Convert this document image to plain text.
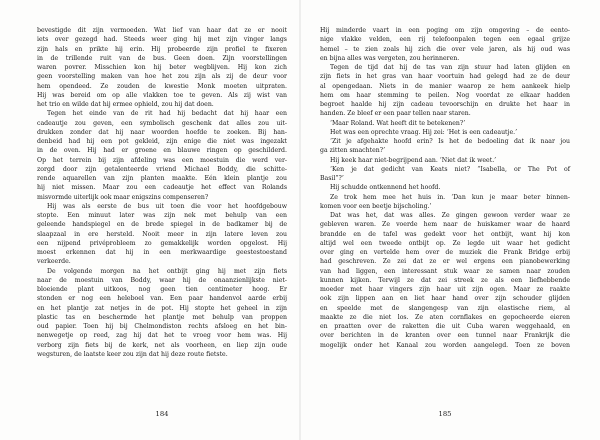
bevestigde dit zijn vermoeden. Wat lief van haar dat ze er nooit
iets over gezegd had. Steeds weer ging hij met zijn vinger langs
zijn hals en prikte hij erin. Hij probeerde zijn profiel te fixeren
in de trillende ruit van de bus. Geen doen. Zijn voorstellingen
waren povrer. Misschien kon hij beter wegblijven. Hij kon zich
geen voorstelling maken van hoe het zou zijn als zij de deur voor
hem opendeed. Ze zouden de kwestie Monk moeten uitpraten.
Hij was bereid om op alle vlakken toe te geven. Als zij wist van
het trio en wilde dat hij ermee ophield, zou hij dat doen.
Tegen het einde van de rit had hij bedacht dat hij haar een
cadeautje zou geven, een symbolisch geschenk dat alles zou uit-
drukken zonder dat hij naar woorden hoefde te zoeken. Bij han-
denbeid had hij een pot gekleid, zijn enige die niet was ingezakt
in de oven. Hij had er groene en blauwe ringen op geschilderd.
Op het terrein bij zijn afdeling was een moestuin die werd ver-
zorgd door zijn getalenteerde vriend Michael Boddy, die schitte-
rende aquarellen van zijn planten maakte. Eén klein plantje zou
hij niet missen. Maar zou een cadeautje het effect van Rolands
misvormde uiterlijk ook maar enigszins compenseren?
Hij was als eerste de bus uit toen die voor het hoofdgebouw
stopte. Een minuut later was zijn nek met behulp van een
geleende handspiegel en de brede spiegel in de badkamer bij de
slaapzaal in ere hersteld. Nooit meer in zijn latere leven zou
een nijpend privéprobleem zo gemakkelijk worden opgelost. Hij
moest erkennen dat hij in een merkwaardige geestestoestand
verkeerde.
De volgende morgen na het ontbijt ging hij met zijn fiets
naar de moestuin van Boddy, waar hij de onaanzienlijkste niet-
bloeiende plant uitkoos, nog geen tien centimeter hoog. Er
stonden er nog een heleboel van. Een paar handenvol aarde erbij
en het plantje zat netjes in de pot. Hij stopte het geheel in zijn
plastic tas en beschermde het plantje met behulp van proppen
oud papier. Toen hij bij Chelmondiston rechts afsloeg en het bin-
nenwegetje op reed, zag hij dat het te vroeg voor hem was. Hij
verborg zijn fiets bij de kerk, net als voorheen, en liep zijn oude
wegsturen, de laatste keer zou zijn dat hij deze route fietste.
184
Hij minderde vaart in een poging om zijn omgeving – de eento-
nige vlakke velden, een rij telefoonpalen tegen een egaal grijze
hemel – te zien zoals hij zich die over vele jaren, als hij oud was
en bijna alles was vergeten, zou herinneren.
Tegen de tijd dat hij de tas van zijn stuur had laten glijden en
zijn fiets in het gras van haar voortuin had gelegd had ze de deur
al opengedaan. Niets in de manier waarop ze hem aankeek hielp
hem om haar stemming te peilen. Nog voordat ze elkaar hadden
begroet haalde hij zijn cadeau tevoorschijn en drukte het haar in
handen. Ze bleef er een paar tellen naar staren.
‘Maar Roland. Wat heeft dit te betekenen?’
Het was een oprechte vraag. Hij zei: ‘Het is een cadeautje.’
‘Zit je afgehakte hoofd erin? Is het de bedoeling dat ik naar jou
ga zitten smachten?’
Hij keek haar niet-begrijpend aan. ‘Niet dat ik weet.’
‘Ken je dat gedicht van Keats niet? “Isabella, or The Pot of
Basil”?’
Hij schudde ontkennend het hoofd.
Ze trok hem mee het huis in. ‘Dan kun je maar beter binnen-
komen voor een beetje bijscholing.’
Dat was het, dat was alles. Ze gingen gewoon verder waar ze
gebleven waren. Ze voerde hem naar de huiskamer waar de haard
brandde en de tafel was gedekt voor het ontbijt, want hij kon
altijd wel een tweede ontbijt op. Ze legde uit waar het gedicht
over ging en vertelde hem over de muziek die Frank Bridge erbij
had geschreven. Ze zei dat ze er wel ergens een pianobewerking
van had liggen, een interessant stuk waar ze samen naar zouden
kunnen kijken. Terwijl ze dat zei streek ze als een liefhebbende
moeder met haar vingers zijn haar uit zijn ogen. Maar ze raakte
ook zijn lippen aan en liet haar hand over zijn schouder glijden
en speelde met de slangengesp van zijn elastische riem, al
maakte ze die niet los. Ze aten cornflakes en gepocheerde eieren
en praatten over de raketten die uit Cuba waren weggehaald, en
over berichten in de kranten over een tunnel naar Frankrijk die
mogelijk onder het Kanaal zou worden aangelegd. Toen ze boven
185
